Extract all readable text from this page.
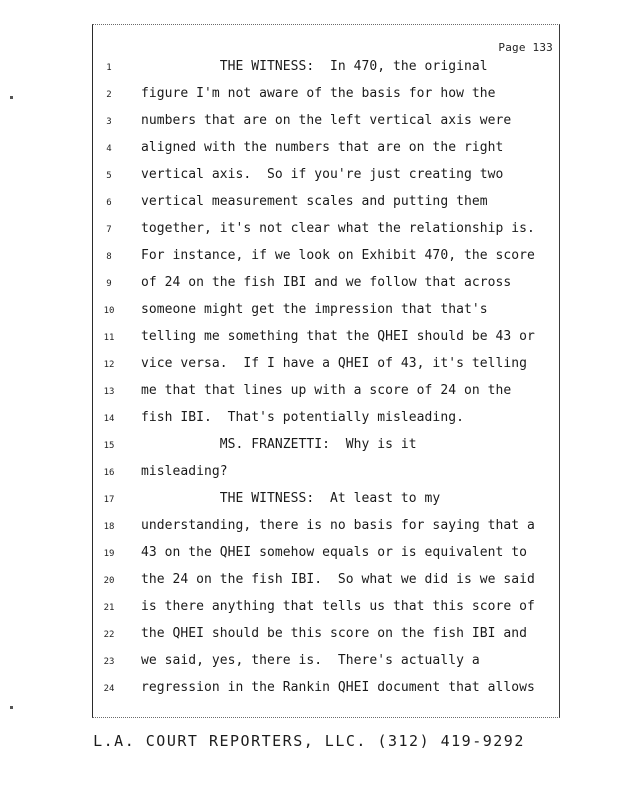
Page 133
1	THE WITNESS:  In 470, the original
2	figure I'm not aware of the basis for how the
3	numbers that are on the left vertical axis were
4	aligned with the numbers that are on the right
5	vertical axis.  So if you're just creating two
6	vertical measurement scales and putting them
7	together, it's not clear what the relationship is.
8	For instance, if we look on Exhibit 470, the score
9	of 24 on the fish IBI and we follow that across
10	someone might get the impression that that's
11	telling me something that the QHEI should be 43 or
12	vice versa.  If I have a QHEI of 43, it's telling
13	me that that lines up with a score of 24 on the
14	fish IBI.  That's potentially misleading.
15	MS. FRANZETTI:  Why is it
16	misleading?
17	THE WITNESS:  At least to my
18	understanding, there is no basis for saying that a
19	43 on the QHEI somehow equals or is equivalent to
20	the 24 on the fish IBI.  So what we did is we said
21	is there anything that tells us that this score of
22	the QHEI should be this score on the fish IBI and
23	we said, yes, there is.  There's actually a
24	regression in the Rankin QHEI document that allows
L.A. COURT REPORTERS, LLC. (312) 419-9292
